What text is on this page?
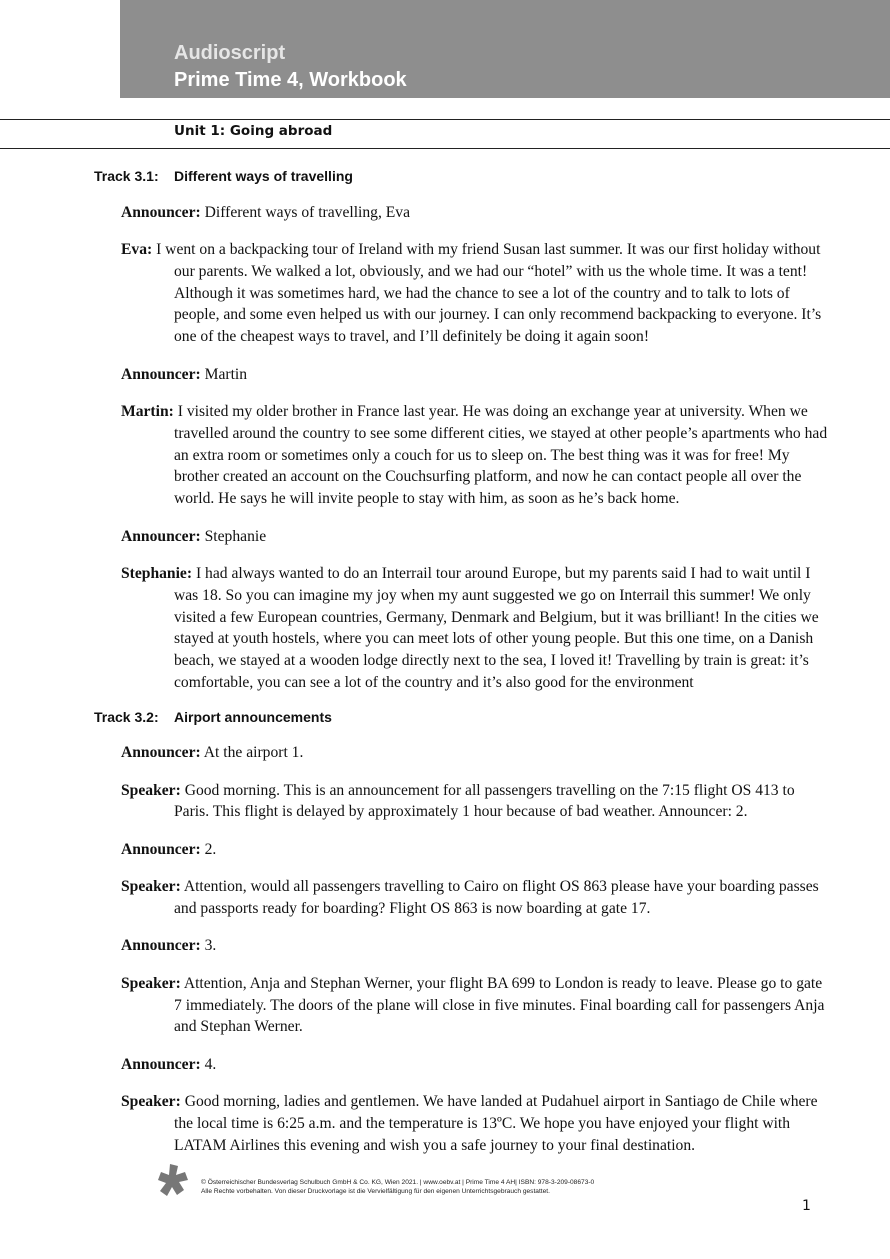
Audioscript
Prime Time 4, Workbook
Unit 1: Going abroad
Track 3.1: Different ways of travelling

Announcer: Different ways of travelling, Eva

Eva: I went on a backpacking tour of Ireland with my friend Susan last summer. It was our first holiday without our parents. We walked a lot, obviously, and we had our “hotel” with us the whole time. It was a tent! Although it was sometimes hard, we had the chance to see a lot of the country and to talk to lots of people, and some even helped us with our journey. I can only recommend backpacking to everyone. It’s one of the cheapest ways to travel, and I’ll definitely be doing it again soon!

Announcer: Martin

Martin: I visited my older brother in France last year. He was doing an exchange year at university. When we travelled around the country to see some different cities, we stayed at other people’s apartments who had an extra room or sometimes only a couch for us to sleep on. The best thing was it was for free! My brother created an account on the Couchsurfing platform, and now he can contact people all over the world. He says he will invite people to stay with him, as soon as he’s back home.

Announcer: Stephanie

Stephanie: I had always wanted to do an Interrail tour around Europe, but my parents said I had to wait until I was 18. So you can imagine my joy when my aunt suggested we go on Interrail this summer! We only visited a few European countries, Germany, Denmark and Belgium, but it was brilliant! In the cities we stayed at youth hostels, where you can meet lots of other young people. But this one time, on a Danish beach, we stayed at a wooden lodge directly next to the sea, I loved it! Travelling by train is great: it’s comfortable, you can see a lot of the country and it’s also good for the environment

Track 3.2: Airport announcements

Announcer: At the airport 1.

Speaker: Good morning. This is an announcement for all passengers travelling on the 7:15 flight OS 413 to Paris. This flight is delayed by approximately 1 hour because of bad weather. Announcer: 2.

Announcer: 2.

Speaker: Attention, would all passengers travelling to Cairo on flight OS 863 please have your boarding passes and passports ready for boarding? Flight OS 863 is now boarding at gate 17.

Announcer: 3.

Speaker: Attention, Anja and Stephan Werner, your flight BA 699 to London is ready to leave. Please go to gate 7 immediately. The doors of the plane will close in five minutes. Final boarding call for passengers Anja and Stephan Werner.

Announcer: 4.

Speaker: Good morning, ladies and gentlemen. We have landed at Pudahuel airport in Santiago de Chile where the local time is 6:25 a.m. and the temperature is 13ºC. We hope you have enjoyed your flight with LATAM Airlines this evening and wish you a safe journey to your final destination.

© Österreichischer Bundesverlag Schulbuch GmbH & Co. KG, Wien 2021. | www.oebv.at | Prime Time 4 AH| ISBN: 978-3-209-08673-0
Alle Rechte vorbehalten. Von dieser Druckvorlage ist die Vervielfältigung für den eigenen Unterrichtsgebrauch gestattet.
1
